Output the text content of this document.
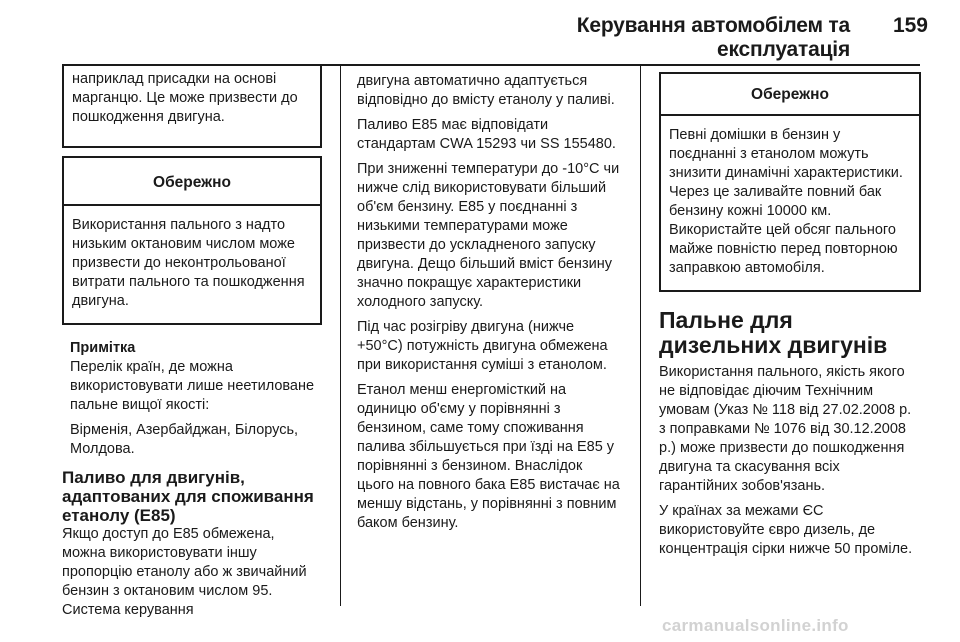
Керування автомобілем та експлуатація
159

наприклад присадки на основі марганцю. Це може призвести до пошкодження двигуна.

Обережно
Використання пального з надто низьким октановим числом може призвести до неконтрольованої витрати пального та пошкодження двигуна.

Примітка

Перелік країн, де можна використовувати лише неетиловане пальне вищої якості:

Вірменія, Азербайджан, Білорусь, Молдова.

Паливо для двигунів, адаптованих для споживання етанолу (E85)

Якщо доступ до E85 обмежена, можна використовувати іншу пропорцію етанолу або ж звичайний бензин з октановим числом 95. Система керування

двигуна автоматично адаптується відповідно до вмісту етанолу у паливі.

Паливо E85 має відповідати стандартам CWA 15293 чи SS 155480.

При зниженні температури до -10°C чи нижче слід використовувати більший об'єм бензину. E85 у поєднанні з низькими температурами може призвести до ускладненого запуску двигуна. Дещо більший вміст бензину значно покращує характеристики холодного запуску.

Під час розігріву двигуна (нижче +50°C) потужність двигуна обмежена при використання суміші з етанолом.

Етанол менш енергомісткий на одиницю об'єму у порівнянні з бензином, саме тому споживання палива збільшується при їзді на E85 у порівнянні з бензином. Внаслідок цього на повного бака E85 вистачає на меншу відстань, у порівнянні з повним баком бензину.

Обережно
Певні домішки в бензин у поєднанні з етанолом можуть знизити динамічні характеристики. Через це заливайте повний бак бензину кожні 10000 км. Використайте цей обсяг пального майже повністю перед повторною заправкою автомобіля.

Пальне для дизельних двигунів

Використання пального, якість якого не відповідає діючим Технічним умовам (Указ № 118 від 27.02.2008 р. з поправками № 1076 від 30.12.2008 р.) може призвести до пошкодження двигуна та скасування всіх гарантійних зобов'язань.

У країнах за межами ЄС використовуйте євро дизель, де концентрація сірки нижче 50 проміле.

carmanualsonline.info
